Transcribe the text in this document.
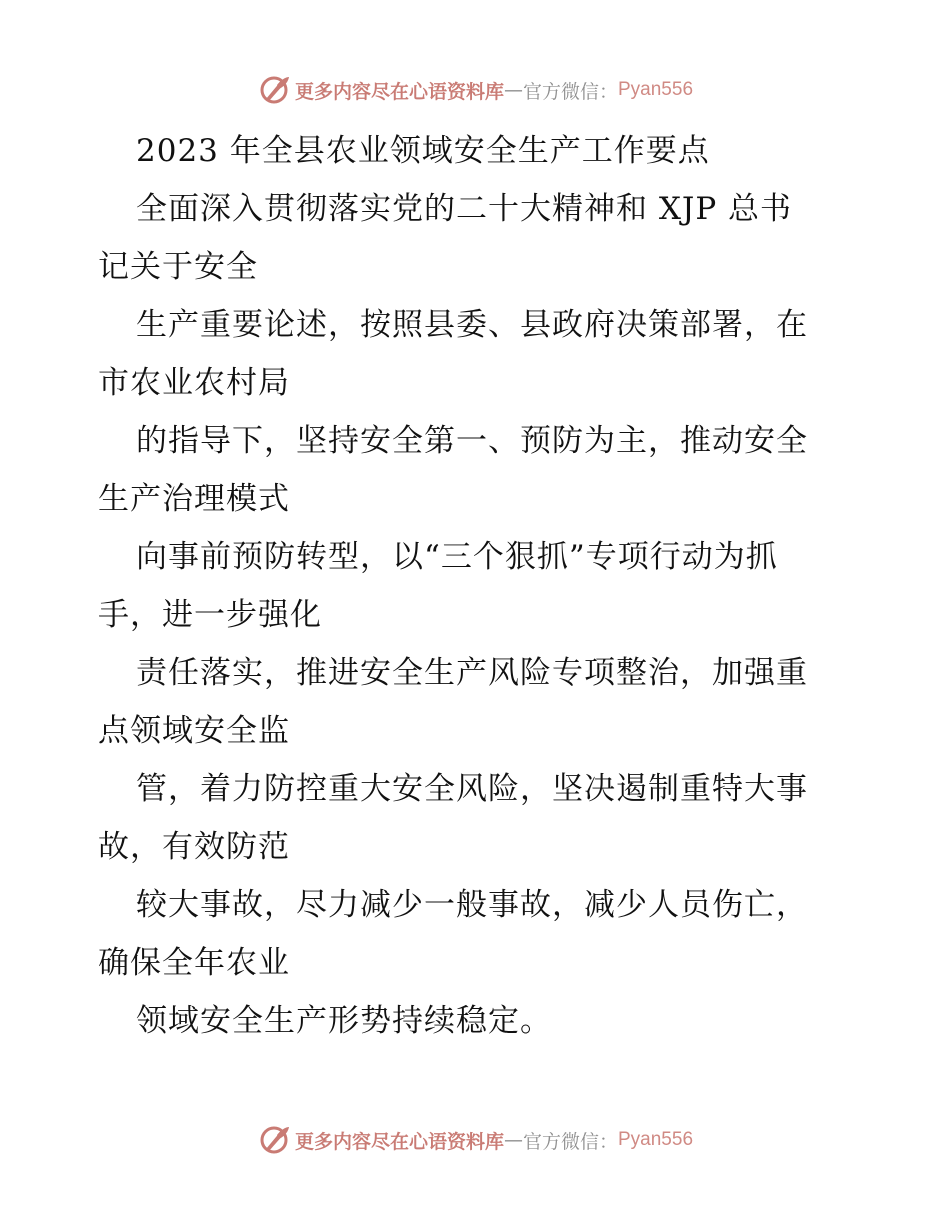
更多内容尽在心语资料库 — 官方微信： Pyan556
2023 年全县农业领域安全生产工作要点
全面深入贯彻落实党的二十大精神和 XJP 总书
记关于安全
生产重要论述，按照县委、县政府决策部署，在
市农业农村局
的指导下，坚持安全第一、预防为主，推动安全
生产治理模式
向事前预防转型，以“三个狠抓”专项行动为抓
手，进一步强化
责任落实，推进安全生产风险专项整治，加强重
点领域安全监
管，着力防控重大安全风险，坚决遏制重特大事
故，有效防范
较大事故，尽力减少一般事故，减少人员伤亡，
确保全年农业
领域安全生产形势持续稳定。
更多内容尽在心语资料库 — 官方微信： Pyan556
